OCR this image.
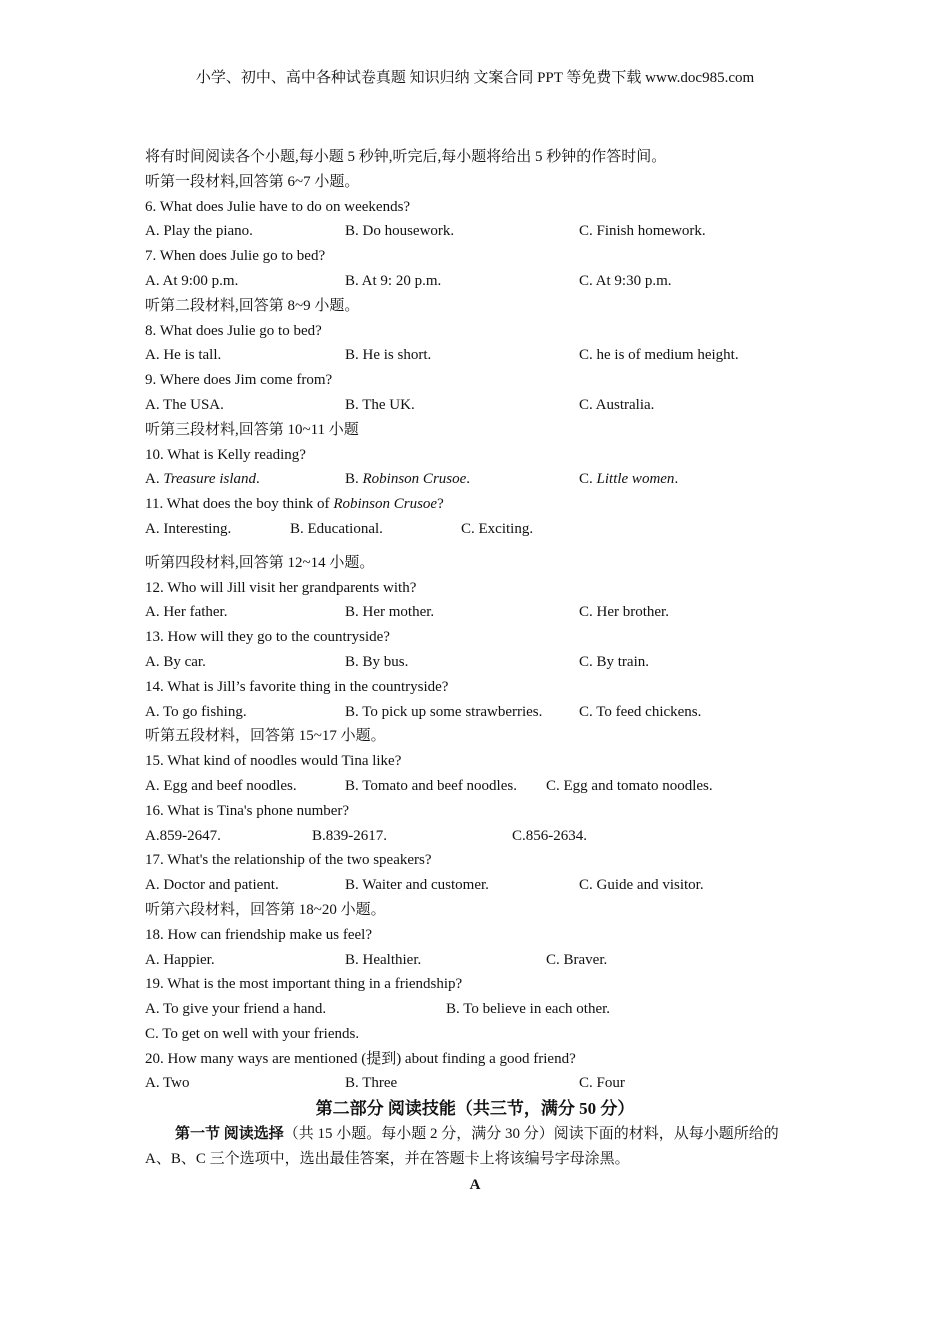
小学、初中、高中各种试卷真题 知识归纳 文案合同 PPT 等免费下载 www.doc985.com
将有时间阅读各个小题,每小题 5 秒钟,听完后,每小题将给出 5 秒钟的作答时间。
听第一段材料,回答第 6~7 小题。
6. What does Julie have to do on weekends?
A. Play the piano.	B. Do housework.	C. Finish homework.
7. When does Julie go to bed?
A. At 9:00 p.m.	B. At 9: 20 p.m.	C. At 9:30 p.m.
听第二段材料,回答第 8~9 小题。
8. What does Julie go to bed?
A. He is tall.	B. He is short.	C. he is of medium height.
9. Where does Jim come from?
A. The USA.	B. The UK.	C. Australia.
听第三段材料,回答第 10~11 小题
10. What is Kelly reading?
A. Treasure island.	B. Robinson Crusoe.	C. Little women.
11. What does the boy think of Robinson Crusoe?
A. Interesting.	B. Educational.	C. Exciting.
听第四段材料,回答第 12~14 小题。
12. Who will Jill visit her grandparents with?
A. Her father.	B. Her mother.	C. Her brother.
13. How will they go to the countryside?
A. By car.	B. By bus.	C. By train.
14. What is Jill’s favorite thing in the countryside?
A. To go fishing.	B. To pick up some strawberries. C. To feed chickens.
听第五段材料，回答第 15~17 小题。
15. What kind of noodles would Tina like?
A. Egg and beef noodles.	B. Tomato and beef noodles. C. Egg and tomato noodles.
16. What is Tina's phone number?
A.859-2647.	B.839-2617.	C.856-2634.
17. What's the relationship of the two speakers?
A. Doctor and patient.	B. Waiter and customer.	C. Guide and visitor.
听第六段材料，回答第 18~20 小题。
18. How can friendship make us feel?
A. Happier.	B. Healthier.	C. Braver.
19. What is the most important thing in a friendship?
A. To give your friend a hand.	B. To believe in each other.
C. To get on well with your friends.
20. How many ways are mentioned (提到) about finding a good friend?
A. Two	B. Three	C. Four
第二部分 阅读技能（共三节，满分 50 分）
第一节 阅读选择（共 15 小题。每小题 2 分，满分 30 分）阅读下面的材料，从每小题所给的 A、B、C 三个选项中，选出最佳答案，并在答题卡上将该编号字母涂黑。
A
